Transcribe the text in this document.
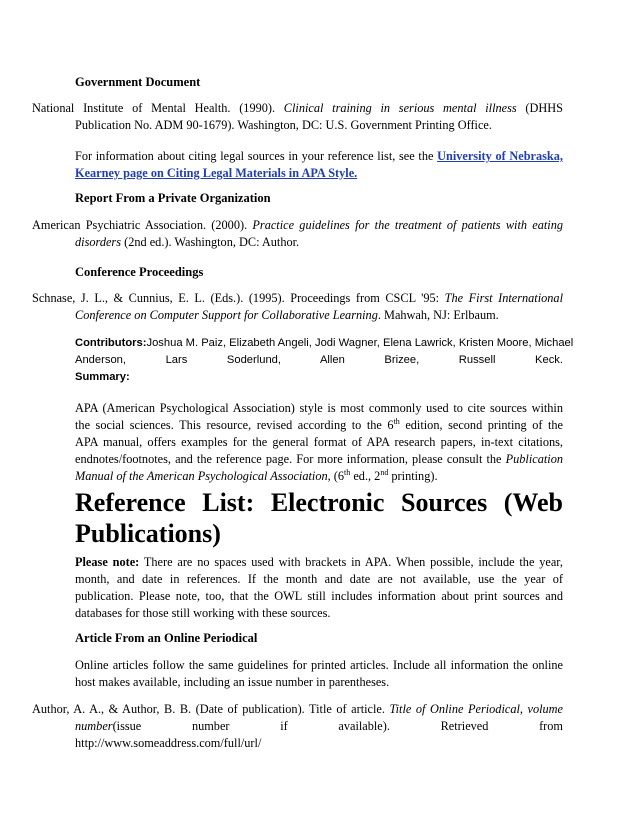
Government Document
National Institute of Mental Health. (1990). Clinical training in serious mental illness (DHHS
Publication No. ADM 90-1679). Washington, DC: U.S. Government Printing Office.
For information about citing legal sources in your reference list, see the University of Nebraska,
Kearney page on Citing Legal Materials in APA Style.
Report From a Private Organization
American Psychiatric Association. (2000). Practice guidelines for the treatment of patients with eating
disorders (2nd ed.). Washington, DC: Author.
Conference Proceedings
Schnase, J. L., & Cunnius, E. L. (Eds.). (1995). Proceedings from CSCL '95: The First International
Conference on Computer Support for Collaborative Learning. Mahwah, NJ: Erlbaum.
Contributors:Joshua M. Paiz, Elizabeth Angeli, Jodi Wagner, Elena Lawrick, Kristen Moore, Michael
Anderson, Lars Soderlund, Allen Brizee, Russell Keck.
Summary:
APA (American Psychological Association) style is most commonly used to cite sources within
the social sciences. This resource, revised according to the 6th edition, second printing of the
APA manual, offers examples for the general format of APA research papers, in-text citations,
endnotes/footnotes, and the reference page. For more information, please consult the Publication
Manual of the American Psychological Association, (6th ed., 2nd printing).
Reference List: Electronic Sources (Web
Publications)
Please note: There are no spaces used with brackets in APA. When possible, include the year,
month, and date in references. If the month and date are not available, use the year of
publication. Please note, too, that the OWL still includes information about print sources and
databases for those still working with these sources.
Article From an Online Periodical
Online articles follow the same guidelines for printed articles. Include all information the online
host makes available, including an issue number in parentheses.
Author, A. A., & Author, B. B. (Date of publication). Title of article. Title of Online Periodical, volume
number(issue number if available). Retrieved from
http://www.someaddress.com/full/url/
